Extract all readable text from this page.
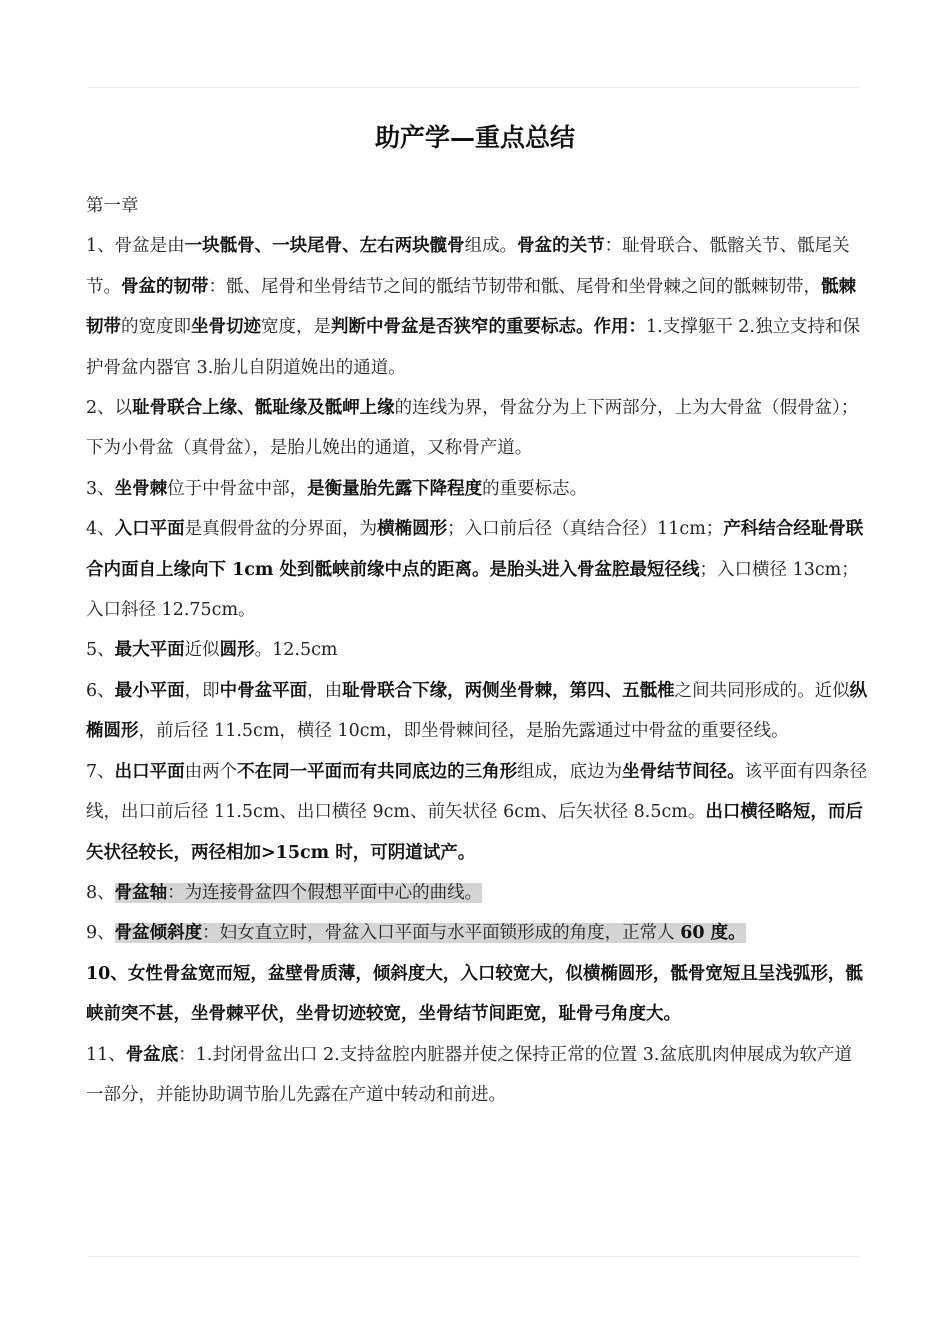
助产学—重点总结

第一章

1、骨盆是由一块骶骨、一块尾骨、左右两块髋骨组成。骨盆的关节：耻骨联合、骶髂关节、骶尾关节。骨盆的韧带：骶、尾骨和坐骨结节之间的骶结节韧带和骶、尾骨和坐骨棘之间的骶棘韧带，骶棘韧带的宽度即坐骨切迹宽度，是判断中骨盆是否狭窄的重要标志。作用：1.支撑躯干 2.独立支持和保护骨盆内器官 3.胎儿自阴道娩出的通道。

2、以耻骨联合上缘、骶耻缘及骶岬上缘的连线为界，骨盆分为上下两部分，上为大骨盆（假骨盆）；下为小骨盆（真骨盆），是胎儿娩出的通道，又称骨产道。

3、坐骨棘位于中骨盆中部，是衡量胎先露下降程度的重要标志。

4、入口平面是真假骨盆的分界面，为横椭圆形；入口前后径（真结合径）11cm；产科结合经耻骨联合内面自上缘向下 1cm 处到骶峡前缘中点的距离。是胎头进入骨盆腔最短径线；入口横径 13cm；入口斜径 12.75cm。

5、最大平面近似圆形。12.5cm

6、最小平面，即中骨盆平面，由耻骨联合下缘，两侧坐骨棘，第四、五骶椎之间共同形成的。近似纵椭圆形，前后径 11.5cm，横径 10cm，即坐骨棘间径，是胎先露通过中骨盆的重要径线。

7、出口平面由两个不在同一平面而有共同底边的三角形组成，底边为坐骨结节间径。该平面有四条径线，出口前后径 11.5cm、出口横径 9cm、前矢状径 6cm、后矢状径 8.5cm。出口横径略短，而后矢状径较长，两径相加>15cm 时，可阴道试产。

8、骨盆轴：为连接骨盆四个假想平面中心的曲线。

9、骨盆倾斜度：妇女直立时，骨盆入口平面与水平面锁形成的角度，正常人 60 度。

10、女性骨盆宽而短，盆壁骨质薄，倾斜度大，入口较宽大，似横椭圆形，骶骨宽短且呈浅弧形，骶峡前突不甚，坐骨棘平伏，坐骨切迹较宽，坐骨结节间距宽，耻骨弓角度大。

11、骨盆底：1.封闭骨盆出口 2.支持盆腔内脏器并使之保持正常的位置 3.盆底肌肉伸展成为软产道一部分，并能协助调节胎儿先露在产道中转动和前进。
